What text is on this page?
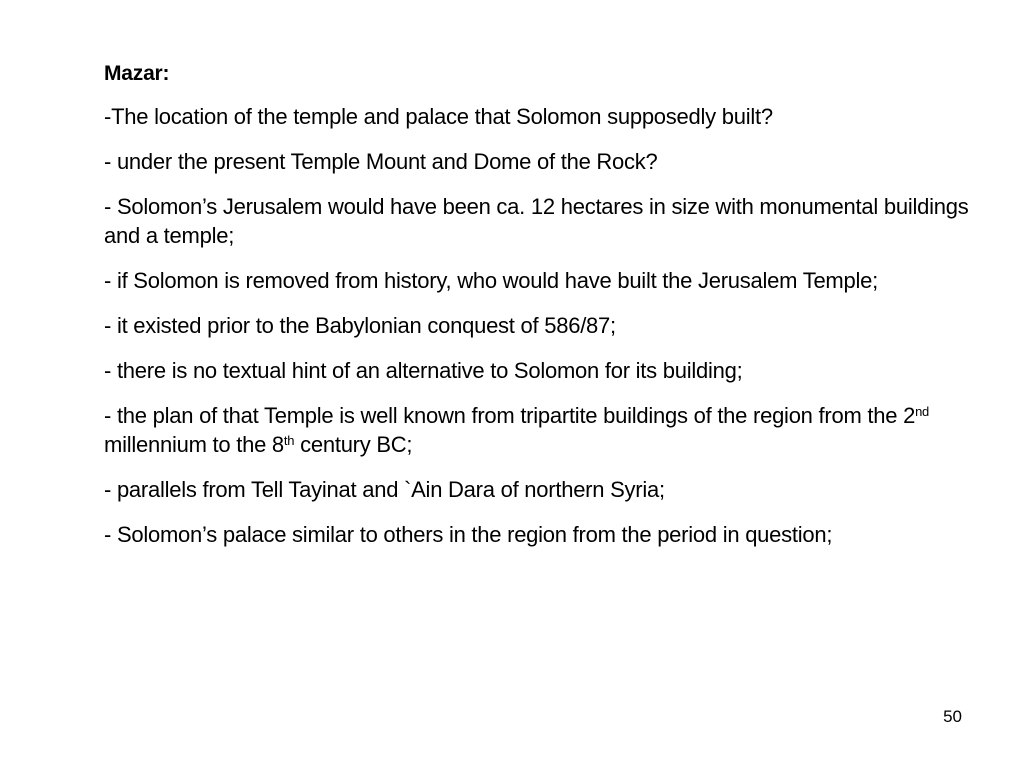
Mazar:
-The location of the temple and palace that Solomon supposedly built?
- under the present Temple Mount and Dome of the Rock?
- Solomon’s Jerusalem would have been ca. 12 hectares in size with monumental buildings and a temple;
- if Solomon is removed from history, who would have built the Jerusalem Temple;
- it existed prior to the Babylonian conquest of 586/87;
- there is no textual hint of an alternative to Solomon for its building;
- the plan of that Temple is well known from tripartite buildings of the region from the 2nd millennium to the 8th century BC;
- parallels from Tell Tayinat and `Ain Dara of northern Syria;
- Solomon’s palace similar to others in the region from the period in question;
50
